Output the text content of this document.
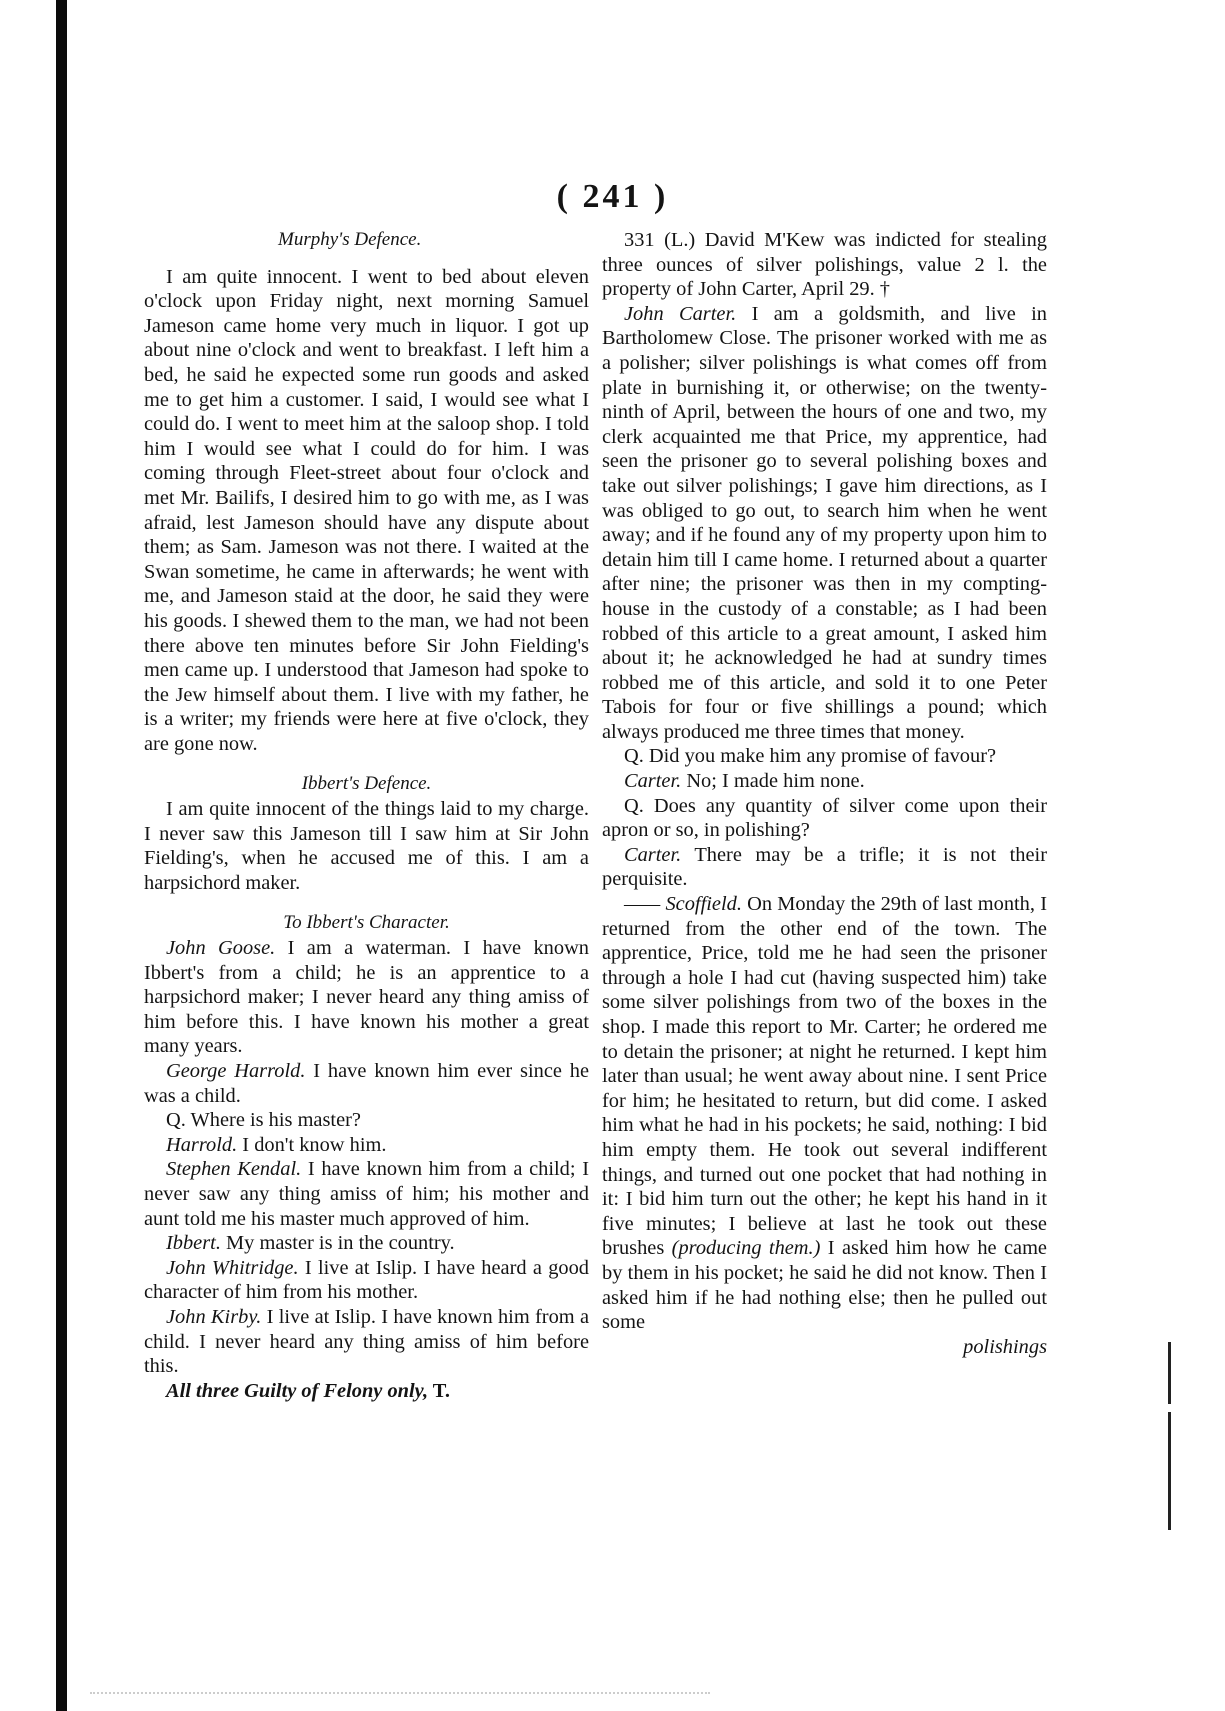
( 241 )
Murphy's Defence.

I am quite innocent. I went to bed about eleven o'clock upon Friday night, next morning Samuel Jameson came home very much in liquor. I got up about nine o'clock and went to breakfast. I left him a bed, he said he expected some run goods and asked me to get him a customer. I said, I would see what I could do. I went to meet him at the saloop shop. I told him I would see what I could do for him. I was coming through Fleet-street about four o'clock and met Mr. Bailifs, I desired him to go with me, as I was afraid, lest Jameson should have any dispute about them; as Sam. Jameson was not there. I waited at the Swan sometime, he came in afterwards; he went with me, and Jameson staid at the door, he said they were his goods. I shewed them to the man, we had not been there above ten minutes before Sir John Fielding's men came up. I understood that Jameson had spoke to the Jew himself about them. I live with my father, he is a writer; my friends were here at five o'clock, they are gone now.

Ibbert's Defence.

I am quite innocent of the things laid to my charge. I never saw this Jameson till I saw him at Sir John Fielding's, when he accused me of this. I am a harpsichord maker.

To Ibbert's Character.

John Goose. I am a waterman. I have known Ibbert's from a child; he is an apprentice to a harpsichord maker; I never heard any thing amiss of him before this. I have known his mother a great many years.

George Harrold. I have known him ever since he was a child.

Q. Where is his master?

Harrold. I don't know him.

Stephen Kendal. I have known him from a child; I never saw any thing amiss of him; his mother and aunt told me his master much approved of him.

Ibbert. My master is in the country.

John Whitridge. I live at Islip. I have heard a good character of him from his mother.

John Kirby. I live at Islip. I have known him from a child. I never heard any thing amiss of him before this.

All three Guilty of Felony only, T.

331 (L.) David M'Kew was indicted for stealing three ounces of silver polishings, value 2 l. the property of John Carter, April 29. †

John Carter. I am a goldsmith, and live in Bartholomew Close. The prisoner worked with me as a polisher; silver polishings is what comes off from plate in burnishing it, or otherwise; on the twenty-ninth of April, between the hours of one and two, my clerk acquainted me that Price, my apprentice, had seen the prisoner go to several polishing boxes and take out silver polishings; I gave him directions, as I was obliged to go out, to search him when he went away; and if he found any of my property upon him to detain him till I came home. I returned about a quarter after nine; the prisoner was then in my compting-house in the custody of a constable; as I had been robbed of this article to a great amount, I asked him about it; he acknowledged he had at sundry times robbed me of this article, and sold it to one Peter Tabois for four or five shillings a pound; which always produced me three times that money.

Q. Did you make him any promise of favour?

Carter. No; I made him none.

Q. Does any quantity of silver come upon their apron or so, in polishing?

Carter. There may be a trifle; it is not their perquisite.

—— Scoffield. On Monday the 29th of last month, I returned from the other end of the town. The apprentice, Price, told me he had seen the prisoner through a hole I had cut (having suspected him) take some silver polishings from two of the boxes in the shop. I made this report to Mr. Carter; he ordered me to detain the prisoner; at night he returned. I kept him later than usual; he went away about nine. I sent Price for him; he hesitated to return, but did come. I asked him what he had in his pockets; he said, nothing: I bid him empty them. He took out several indifferent things, and turned out one pocket that had nothing in it: I bid him turn out the other; he kept his hand in it five minutes; I believe at last he took out these brushes (producing them.) I asked him how he came by them in his pocket; he said he did not know. Then I asked him if he had nothing else; then he pulled out some

polishings
